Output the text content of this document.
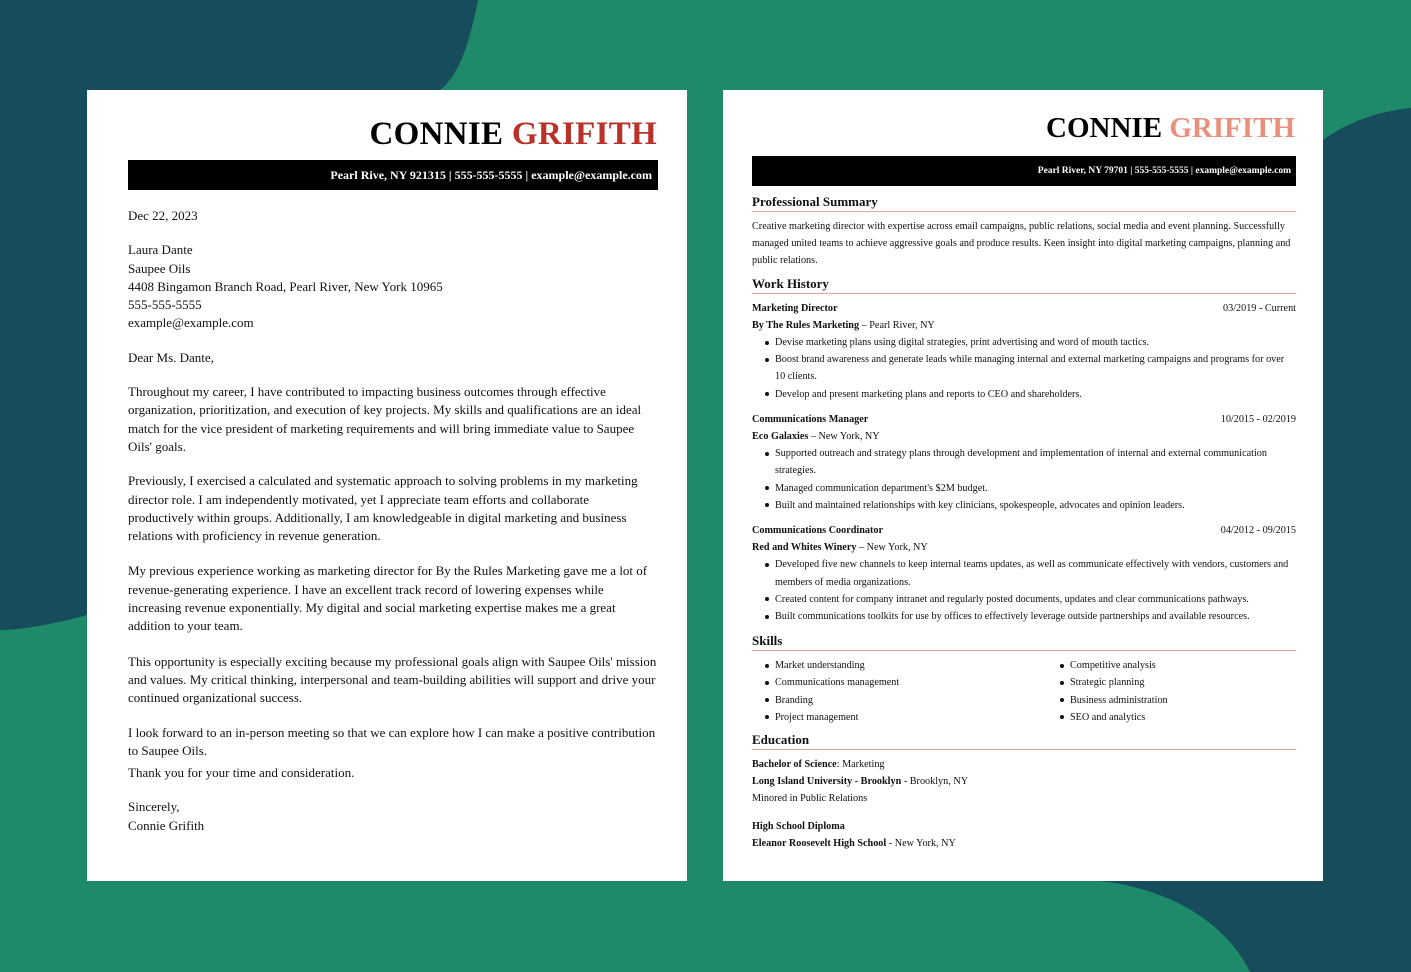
CONNIE GRIFITH
Pearl Rive, NY 921315 | 555-555-5555 | example@example.com

Dec 22, 2023

Laura Dante

Saupee Oils

4408 Bingamon Branch Road, Pearl River, New York 10965

555-555-5555

example@example.com

Dear Ms. Dante,

Throughout my career, I have contributed to impacting business outcomes through effective organization, prioritization, and execution of key projects. My skills and qualifications are an ideal match for the vice president of marketing requirements and will bring immediate value to Saupee Oils' goals.

Previously, I exercised a calculated and systematic approach to solving problems in my marketing director role. I am independently motivated, yet I appreciate team efforts and collaborate productively within groups. Additionally, I am knowledgeable in digital marketing and business relations with proficiency in revenue generation.

My previous experience working as marketing director for By the Rules Marketing gave me a lot of revenue-generating experience. I have an excellent track record of lowering expenses while increasing revenue exponentially. My digital and social marketing expertise makes me a great addition to your team.

This opportunity is especially exciting because my professional goals align with Saupee Oils' mission and values. My critical thinking, interpersonal and team-building abilities will support and drive your continued organizational success.

I look forward to an in-person meeting so that we can explore how I can make a positive contribution to Saupee Oils.

Thank you for your time and consideration.

Sincerely,

Connie Grifith

CONNIE GRIFITH
Pearl River, NY 79701 | 555-555-5555 | example@example.com
Professional Summary
Creative marketing director with expertise across email campaigns, public relations, social media and event planning. Successfully managed united teams to achieve aggressive goals and produce results. Keen insight into digital marketing campaigns, planning and public relations.
Work History
Marketing Director	03/2019 - Current
By The Rules Marketing – Pearl River, NY
Devise marketing plans using digital strategies, print advertising and word of mouth tactics.
Boost brand awareness and generate leads while managing internal and external marketing campaigns and programs for over 10 clients.
Develop and present marketing plans and reports to CEO and shareholders.
Communications Manager	10/2015 - 02/2019
Eco Galaxies – New York, NY
Supported outreach and strategy plans through development and implementation of internal and external communication strategies.
Managed communication department's $2M budget.
Built and maintained relationships with key clinicians, spokespeople, advocates and opinion leaders.
Communications Coordinator	04/2012 - 09/2015
Red and Whites Winery – New York, NY
Developed five new channels to keep internal teams updates, as well as communicate effectively with vendors, customers and members of media organizations.
Created content for company intranet and regularly posted documents, updates and clear communications pathways.
Built communications toolkits for use by offices to effectively leverage outside partnerships and available resources.
Skills
Market understanding
Communications management
Branding
Project management
Competitive analysis
Strategic planning
Business administration
SEO and analytics
Education
Bachelor of Science: Marketing
Long Island University - Brooklyn - Brooklyn, NY
Minored in Public Relations
High School Diploma
Eleanor Roosevelt High School - New York, NY
